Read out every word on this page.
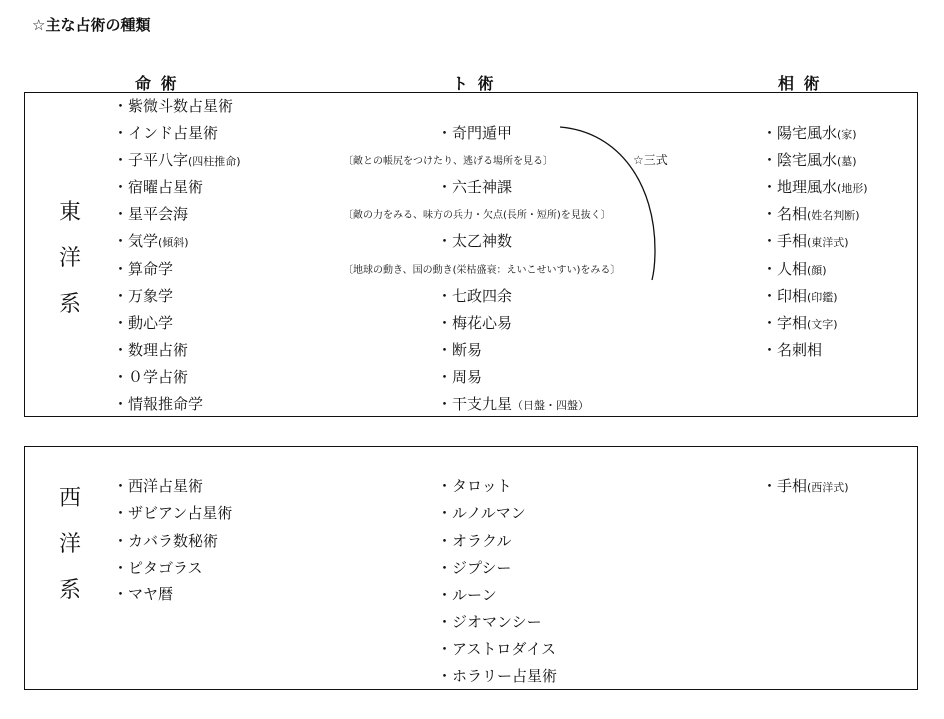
☆主な占術の種類
命 術	ト 術	相 術
東
洋
系
西
洋
系
・紫微斗数占星術
・インド占星術
・子平八字(四柱推命)
・宿曜占星術
・星平会海
・気学(傾斜)
・算命学
・万象学
・動心学
・数理占術
・０学占術
・情報推命学
・奇門遁甲
〔敵との帳尻をつけたり、逃げる場所を見る〕
・六壬神課
〔敵の力をみる、味方の兵力・欠点(長所・短所)を見抜く〕
・太乙神数
〔地球の動き、国の動き(栄枯盛衰：えいこせいすい)をみる〕
・七政四余
・梅花心易
・断易
・周易
・干支九星（日盤・四盤）
☆三式
・陽宅風水(家)
・陰宅風水(墓)
・地理風水(地形)
・名相(姓名判断)
・手相(東洋式)
・人相(顔)
・印相(印鑑)
・字相(文字)
・名刺相
・西洋占星術
・ザビアン占星術
・カバラ数秘術
・ピタゴラス
・マヤ暦
・タロット
・ルノルマン
・オラクル
・ジプシー
・ルーン
・ジオマンシー
・アストロダイス
・ホラリー占星術
・手相(西洋式)
